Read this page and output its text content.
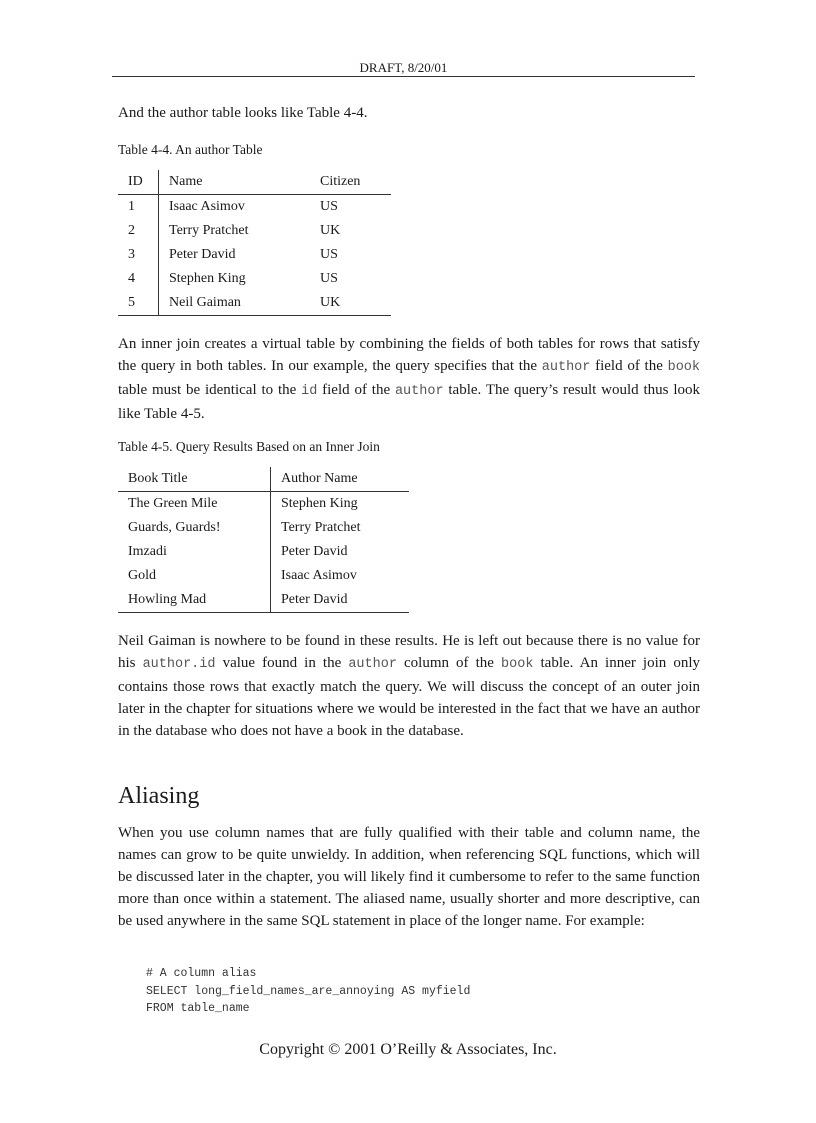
DRAFT, 8/20/01

And the author table looks like Table 4-4.

Table 4-4. An author Table

ID	Name	Citizen
1	Isaac Asimov	US
2	Terry Pratchet	UK
3	Peter David	US
4	Stephen King	US
5	Neil Gaiman	UK

An inner join creates a virtual table by combining the fields of both tables for rows that satisfy the query in both tables. In our example, the query specifies that the author field of the book table must be identical to the id field of the author table. The query’s result would thus look like Table 4-5.

Table 4-5. Query Results Based on an Inner Join

Book Title	Author Name
The Green Mile	Stephen King
Guards, Guards!	Terry Pratchet
Imzadi	Peter David
Gold	Isaac Asimov
Howling Mad	Peter David

Neil Gaiman is nowhere to be found in these results. He is left out because there is no value for his author.id value found in the author column of the book table. An inner join only contains those rows that exactly match the query. We will discuss the concept of an outer join later in the chapter for situations where we would be interested in the fact that we have an author in the database who does not have a book in the database.

Aliasing

When you use column names that are fully qualified with their table and column name, the names can grow to be quite unwieldy. In addition, when referencing SQL functions, which will be discussed later in the chapter, you will likely find it cumbersome to refer to the same function more than once within a statement. The aliased name, usually shorter and more descriptive, can be used anywhere in the same SQL statement in place of the longer name. For example:

# A column alias
SELECT long_field_names_are_annoying AS myfield
FROM table_name
Copyright © 2001 O’Reilly & Associates, Inc.
